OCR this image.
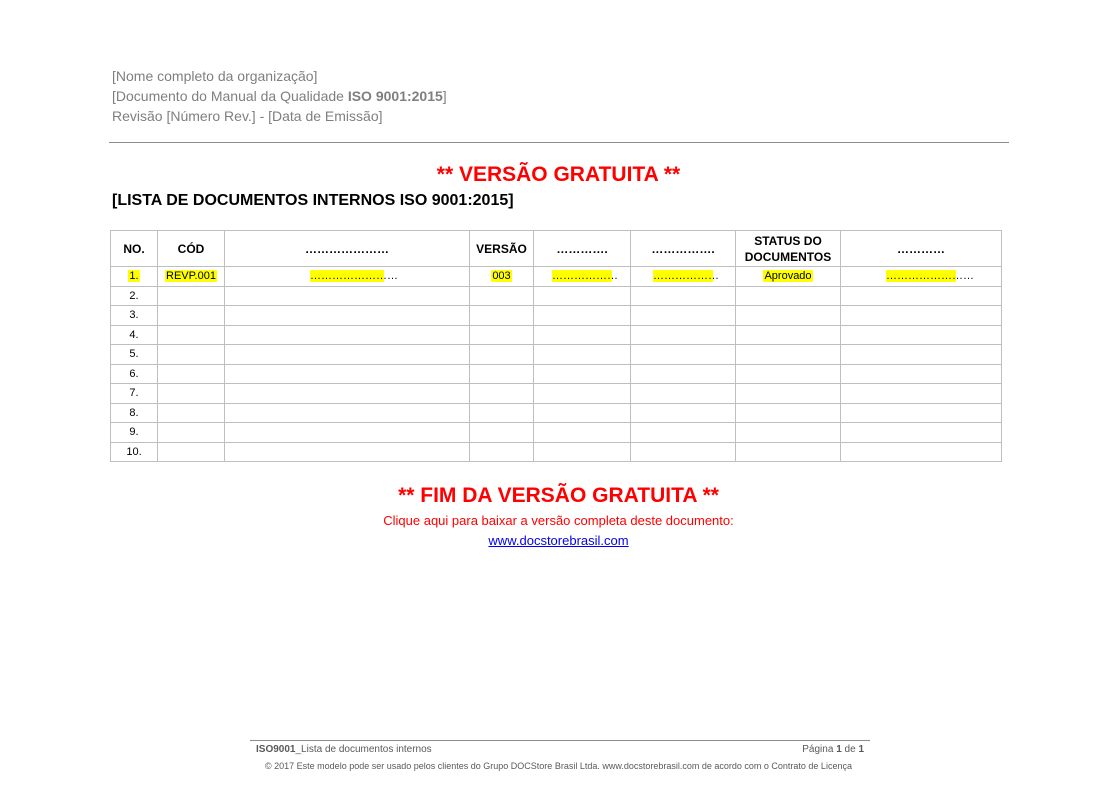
[Nome completo da organização]
[Documento do Manual da Qualidade ISO 9001:2015]
Revisão [Número Rev.] - [Data de Emissão]
** VERSÃO GRATUITA **
[LISTA DE DOCUMENTOS INTERNOS ISO 9001:2015]
NO.	CÓD	…………………	VERSÃO	………….	…………….	STATUS DO DOCUMENTOS	…………
1.	REVP.001	……………………	003	………………	………………	Aprovado	……………………
2.							
3.							
4.							
5.							
6.							
7.							
8.							
9.							
10.							
** FIM DA VERSÃO GRATUITA **
Clique aqui para baixar a versão completa deste documento:
www.docstorebrasil.com
ISO9001_Lista de documentos internos	Página 1 de 1
© 2017 Este modelo pode ser usado pelos clientes do Grupo DOCStore Brasil Ltda. www.docstorebrasil.com de acordo com o Contrato de Licença
